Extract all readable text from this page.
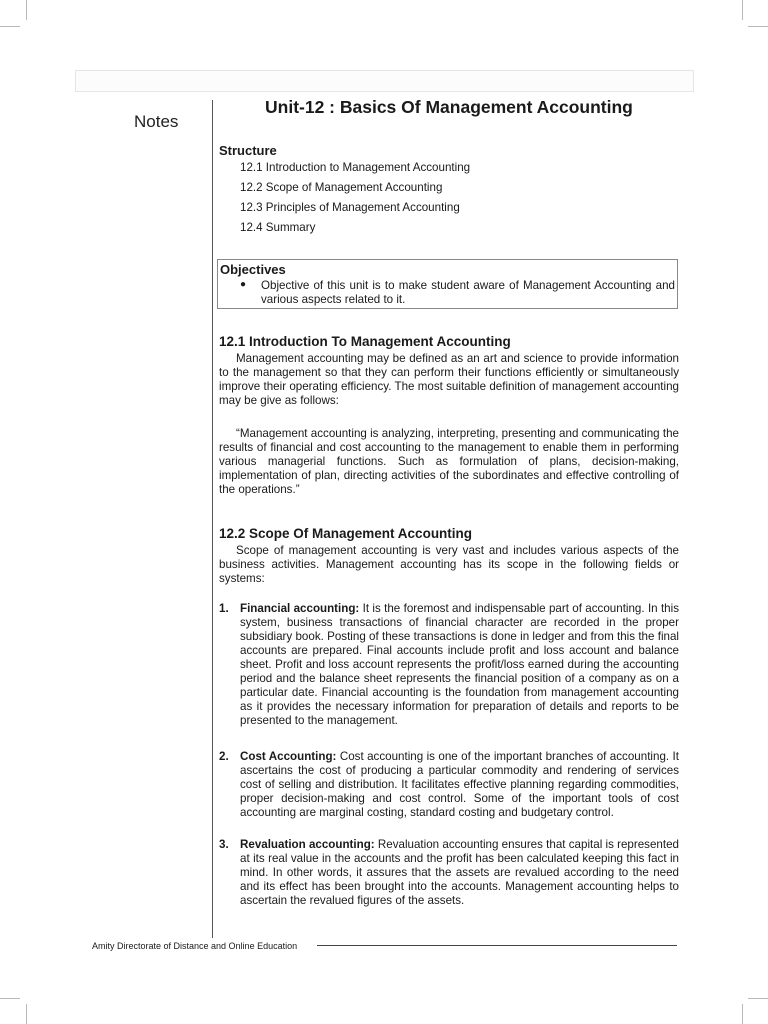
Notes
Unit-12 : Basics Of Management Accounting
Structure
12.1 Introduction to Management Accounting
12.2 Scope of Management Accounting
12.3 Principles of Management Accounting
12.4 Summary
Objectives
● Objective of this unit is to make student aware of Management Accounting and various aspects related to it.
12.1 Introduction To Management Accounting
Management accounting may be defined as an art and science to provide information to the management so that they can perform their functions efficiently or simultaneously improve their operating efficiency. The most suitable definition of management accounting may be give as follows:
“Management accounting is analyzing, interpreting, presenting and communicating the results of financial and cost accounting to the management to enable them in performing various managerial functions. Such as formulation of plans, decision-making, implementation of plan, directing activities of the subordinates and effective controlling of the operations.”
12.2 Scope Of Management Accounting
Scope of management accounting is very vast and includes various aspects of the business activities. Management accounting has its scope in the following fields or systems:
1. Financial accounting: It is the foremost and indispensable part of accounting. In this system, business transactions of financial character are recorded in the proper subsidiary book. Posting of these transactions is done in ledger and from this the final accounts are prepared. Final accounts include profit and loss account and balance sheet. Profit and loss account represents the profit/loss earned during the accounting period and the balance sheet represents the financial position of a company as on a particular date. Financial accounting is the foundation from management accounting as it provides the necessary information for preparation of details and reports to be presented to the management.
2. Cost Accounting: Cost accounting is one of the important branches of accounting. It ascertains the cost of producing a particular commodity and rendering of services cost of selling and distribution. It facilitates effective planning regarding commodities, proper decision-making and cost control. Some of the important tools of cost accounting are marginal costing, standard costing and budgetary control.
3. Revaluation accounting: Revaluation accounting ensures that capital is represented at its real value in the accounts and the profit has been calculated keeping this fact in mind. In other words, it assures that the assets are revalued according to the need and its effect has been brought into the accounts. Management accounting helps to ascertain the revalued figures of the assets.
Amity Directorate of Distance and Online Education
